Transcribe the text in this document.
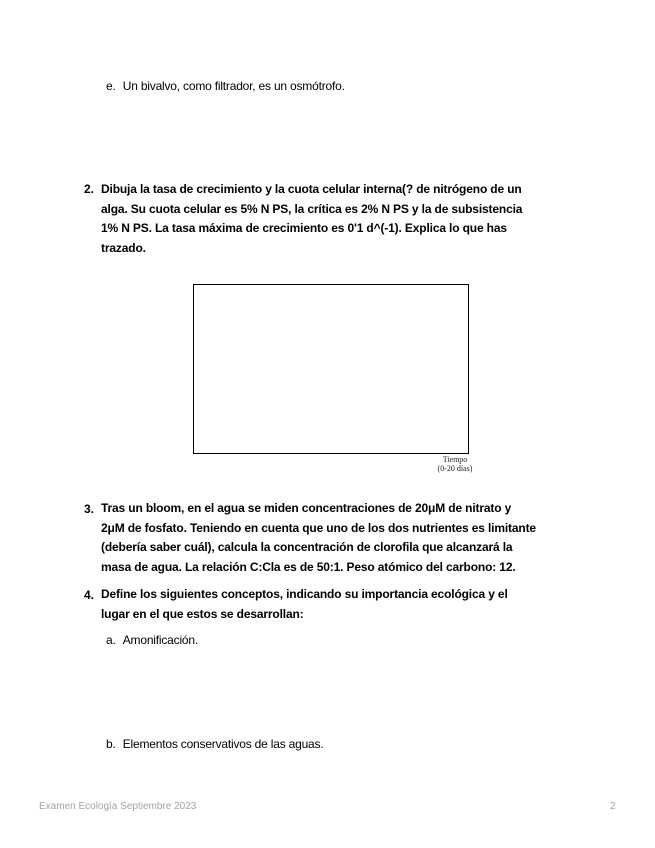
e. Un bivalvo, como filtrador, es un osmótrofo.
2. Dibuja la tasa de crecimiento y la cuota celular interna(? de nitrógeno de un
alga. Su cuota celular es 5% N PS, la crítica es 2% N PS y la de subsistencia
1% N PS. La tasa máxima de crecimiento es 0'1 d^(-1). Explica lo que has
trazado.
Tiempo
(0-20 días)
3. Tras un bloom, en el agua se miden concentraciones de 20μM de nitrato y
2μM de fosfato. Teniendo en cuenta que uno de los dos nutrientes es limitante
(debería saber cuál), calcula la concentración de clorofila que alcanzará la
masa de agua. La relación C:Cla es de 50:1. Peso atómico del carbono: 12.
4. Define los siguientes conceptos, indicando su importancia ecológica y el
lugar en el que estos se desarrollan:
a. Amonificación.
b. Elementos conservativos de las aguas.
Examen Ecología Septiembre 2023	2
